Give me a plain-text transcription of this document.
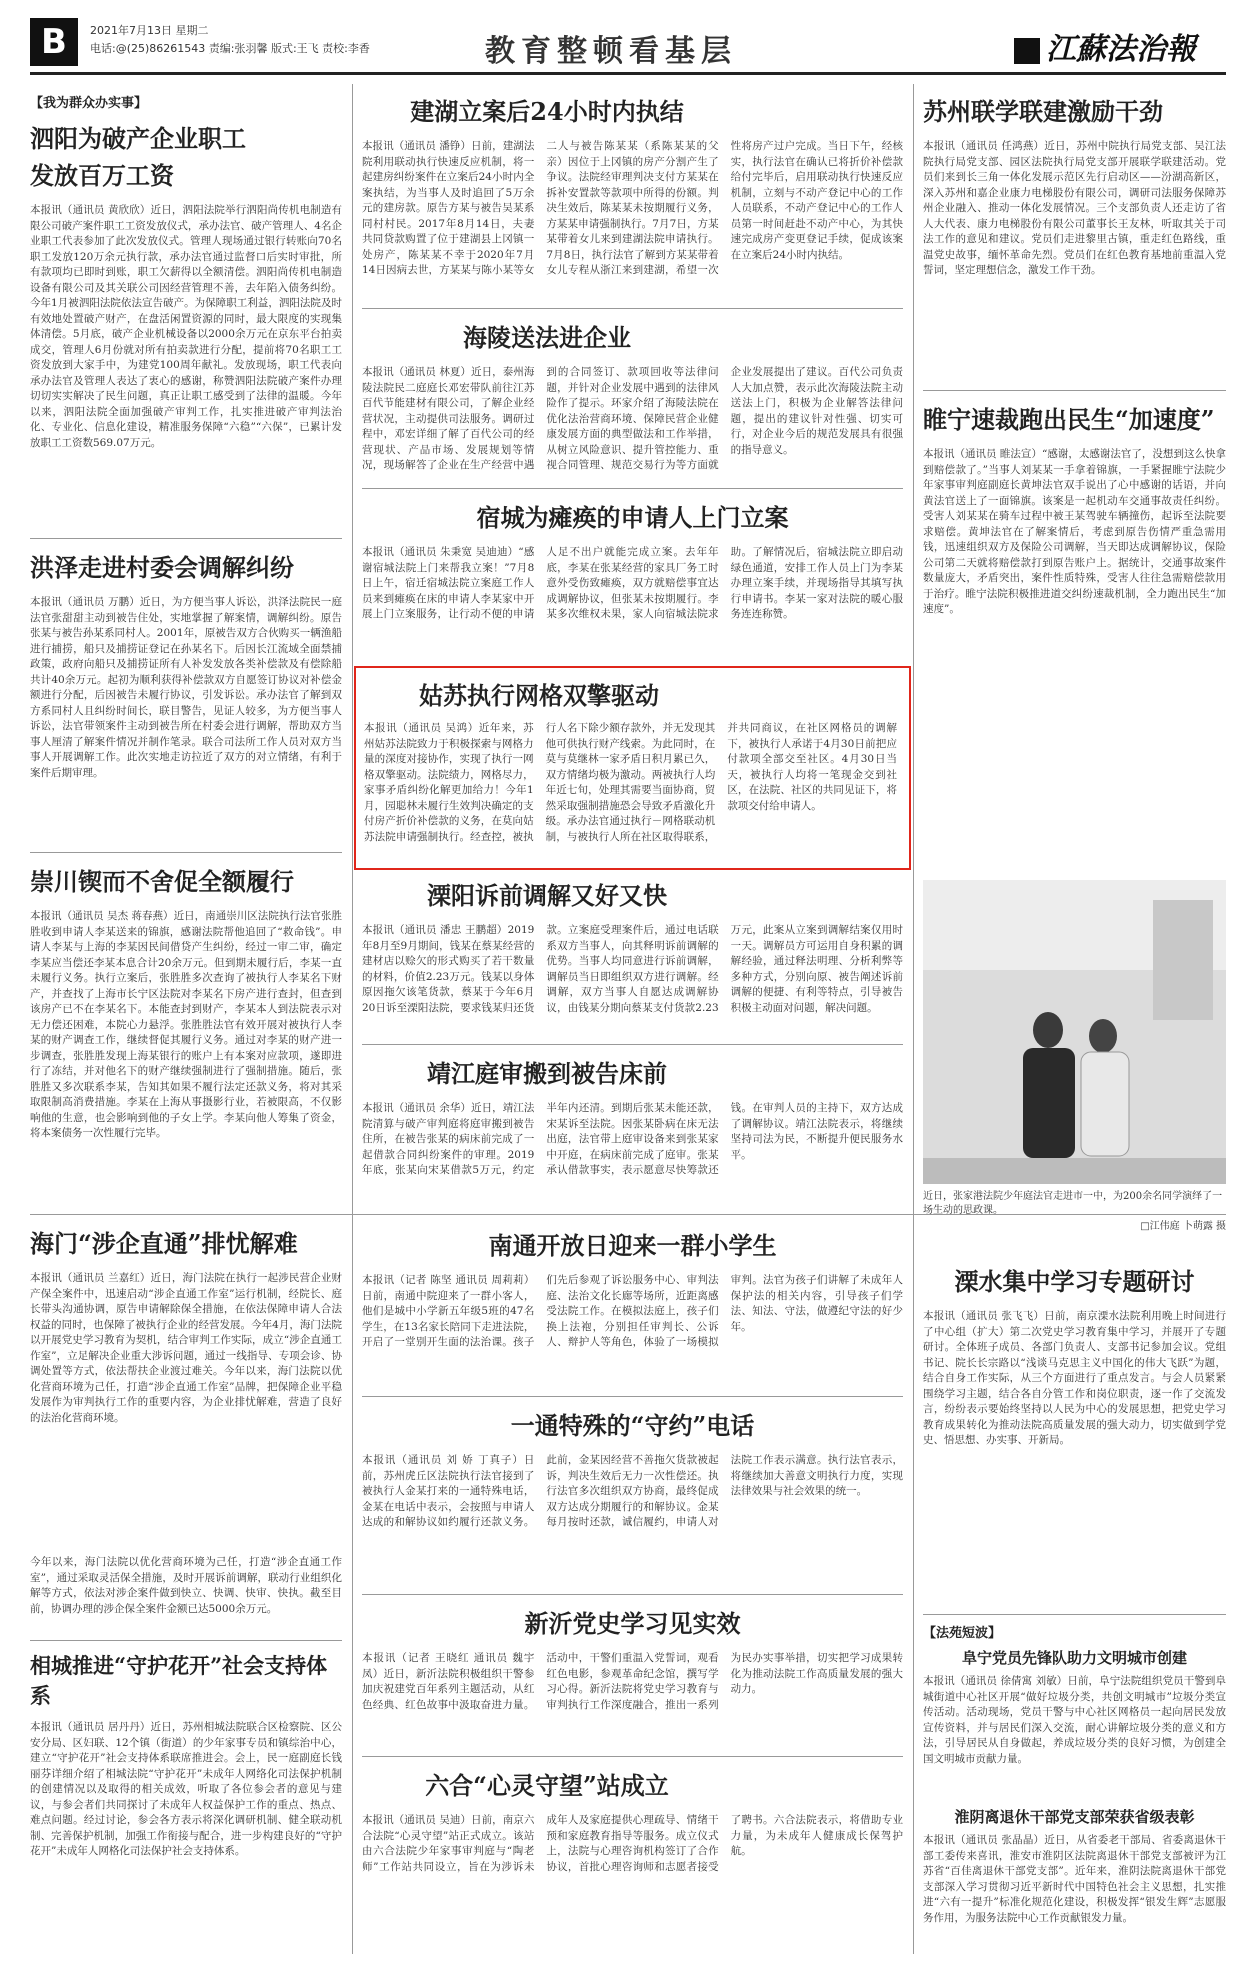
B	2021年7月13日 星期二
电话:@(25)86261543 责编:张羽馨 版式:王飞 责校:李香	教育整顿看基层	江蘇法治報
【我为群众办实事】
泗阳为破产企业职工
发放百万工资
本报讯（通讯员 黄欣欣）近日，泗阳法院举行泗阳尚传机电制造有限公司破产案件职工工资发放仪式，承办法官、破产管理人、4名企业职工代表参加了此次发放仪式。管理人现场通过银行转账向70名职工发放120万余元执行款，承办法官通过监督口后实时审批，所有款项均已即时到账，职工欠薪得以全额清偿。泗阳尚传机电制造设备有限公司及其关联公司因经营管理不善，去年陷入债务纠纷。今年1月被泗阳法院依法宣告破产。为保障职工利益，泗阳法院及时有效地处置破产财产，在盘活闲置资源的同时，最大限度的实现集体清偿。5月底，破产企业机械设备以2000余万元在京东平台拍卖成交，管理人6月份就对所有拍卖款进行分配，提前将70名职工工资发放到大家手中，为建党100周年献礼。发放现场，职工代表向承办法官及管理人表达了衷心的感谢，称赞泗阳法院破产案件办理切切实实解决了民生问题，真正让职工感受到了法律的温暖。今年以来，泗阳法院全面加强破产审判工作，扎实推进破产审判法治化、专业化、信息化建设，精准服务保障“六稳”“六保”，已累计发放职工工资数569.07万元。
洪泽走进村委会调解纠纷
本报讯（通讯员 万鹏）近日，为方便当事人诉讼，洪泽法院民一庭法官张甜甜主动到被告住处，实地掌握了解案情，调解纠纷。原告张某与被告孙某系同村人。2001年，原被告双方合伙购买一辆渔船进行捕捞，船只及捕捞证登记在孙某名下。后因长江流域全面禁捕政策，政府向船只及捕捞证所有人补发发放各类补偿款及有偿除船共计40余万元。起初为顺利获得补偿款双方自愿签订协议对补偿金额进行分配，后因被告未履行协议，引发诉讼。承办法官了解到双方系同村人且纠纷时间长，联目警告，见证人较多，为方便当事人诉讼，法官带领案件主动到被告所在村委会进行调解，帮助双方当事人厘清了解案件情况并制作笔录。联合司法所工作人员对双方当事人开展调解工作。此次实地走访拉近了双方的对立情绪，有利于案件后期审理。
崇川锲而不舍促全额履行
本报讯（通讯员 吴杰 蒋春燕）近日，南通崇川区法院执行法官张胜胜收到申请人李某送来的锦旗，感谢法院帮他追回了“救命钱”。申请人李某与上海的李某因民间借贷产生纠纷，经过一审二审，确定李某应当偿还李某本息合计20余万元。但到期未履行后，李某一直未履行义务。执行立案后，张胜胜多次查询了被执行人李某名下财产，并查找了上海市长宁区法院对李某名下房产进行查封，但查到该房产已不在李某名下。本能查封到财产，李某本人到法院表示对无力偿还困难，本院心力悬浮。张胜胜法官有效开展对被执行人李某的财产调查工作，继续督促其履行义务。通过对李某的财产进一步调查，张胜胜发现上海某银行的账户上有本案对应款项，遂即进行了冻结，并对他名下的财产继续强制进行了强制措施。随后，张胜胜又多次联系李某，告知其如果不履行法定还款义务，将对其采取限制高消费措施。李某在上海从事摄影行业，若被限高，不仅影响他的生意，也会影响到他的子女上学。李某向他人筹集了资金，将本案债务一次性履行完毕。
海门“涉企直通”排忧解难
本报讯（通讯员 兰嘉红）近日，海门法院在执行一起涉民营企业财产保全案件中，迅速启动“涉企直通工作室”运行机制，经院长、庭长带头沟通协调，原告申请解除保全措施，在依法保障申请人合法权益的同时，也保障了被执行企业的经营发展。今年4月，海门法院以开展党史学习教育为契机，结合审判工作实际，成立“涉企直通工作室”，立足解决企业重大涉诉问题，通过一线指导、专项会诊、协调处置等方式，依法帮扶企业渡过难关。今年以来，海门法院以优化营商环境为己任，打造“涉企直通工作室”品牌，把保障企业平稳发展作为审判执行工作的重要内容，为企业排忧解难，营造了良好的法治化营商环境。
今年以来，海门法院以优化营商环境为己任，打造“涉企直通工作室”，通过采取灵活保全措施，及时开展诉前调解，联动行业组织化解等方式，依法对涉企案件做到快立、快调、快审、快执。截至目前，协调办理的涉企保全案件金额已达5000余万元。
相城推进“守护花开”社会支持体系
本报讯（通讯员 居丹丹）近日，苏州相城法院联合区检察院、区公安分局、区妇联、12个镇（街道）的少年家事专员和镇综治中心，建立“守护花开”社会支持体系联席推进会。会上，民一庭副庭长钱丽芬详细介绍了相城法院“守护花开”未成年人网络化司法保护机制的创建情况以及取得的相关成效，听取了各位参会者的意见与建议，与参会者们共同探讨了未成年人权益保护工作的重点、热点、难点问题。经过讨论，参会各方表示将深化调研机制、健全联动机制、完善保护机制，加强工作衔接与配合，进一步构建良好的“守护花开”未成年人网格化司法保护社会支持体系。
建湖立案后24小时内执结
本报讯（通讯员 潘铮）日前，建湖法院利用联动执行快速反应机制，将一起建房纠纷案件在立案后24小时内全案执结，为当事人及时追回了5万余元的建房款。原告方某与被告吴某系同村村民。2017年8月14日，夫妻共同贷款购置了位于建湖县上冈镇一处房产，陈某某不幸于2020年7月14日因病去世，方某某与陈小某等女二人与被告陈某某（系陈某某的父亲）因位于上冈镇的房产分割产生了争议。法院经审理判决支付方某某在拆补安置款等款项中所得的份额。判决生效后，陈某某未按期履行义务，方某某申请强制执行。7月7日，方某某带着女儿来到建湖法院申请执行。7月8日，执行法官了解到方某某带着女儿专程从浙江来到建湖，希望一次性将房产过户完成。当日下午，经核实，执行法官在确认已将折价补偿款给付完毕后，启用联动执行快速反应机制，立刻与不动产登记中心的工作人员联系，不动产登记中心的工作人员第一时间赶赴不动产中心，为其快速完成房产变更登记手续，促成该案在立案后24小时内执结。
海陵送法进企业
本报讯（通讯员 林夏）近日，泰州海陵法院民二庭庭长邓宏带队前往江苏百代节能建材有限公司，了解企业经营状况，主动提供司法服务。调研过程中，邓宏详细了解了百代公司的经营现状、产品市场、发展规划等情况，现场解答了企业在生产经营中遇到的合同签订、款项回收等法律问题，并针对企业发展中遇到的法律风险作了提示。环家介绍了海陵法院在优化法治营商环境、保障民营企业健康发展方面的典型做法和工作举措，从树立风险意识、提升管控能力、重视合同管理、规范交易行为等方面就企业发展提出了建议。百代公司负责人大加点赞，表示此次海陵法院主动送法上门，积极为企业解答法律问题，提出的建议针对性强、切实可行，对企业今后的规范发展具有很强的指导意义。
宿城为瘫痪的申请人上门立案
本报讯（通讯员 朱秉宽 吴迪迪）“感谢宿城法院上门来帮我立案！”7月8日上午，宿迁宿城法院立案庭工作人员来到瘫痪在床的申请人李某家中开展上门立案服务，让行动不便的申请人足不出户就能完成立案。去年年底，李某在张某经营的家具厂务工时意外受伤致瘫痪，双方就赔偿事宜达成调解协议，但张某未按期履行。李某多次维权未果，家人向宿城法院求助。了解情况后，宿城法院立即启动绿色通道，安排工作人员上门为李某办理立案手续，并现场指导其填写执行申请书。李某一家对法院的暖心服务连连称赞。
姑苏执行网格双擎驱动
本报讯（通讯员 吴鸿）近年来，苏州姑苏法院致力于积极探索与网格力量的深度对接协作，实现了执行一网格双擎驱动。法院绩力，网格尽力，家事矛盾纠纷化解更加给力！今年1月，园聪林未履行生效判决确定的支付房产折价补偿款的义务，在莫向姑苏法院申请强制执行。经查控，被执行人名下除少额存款外，并无发现其他可供执行财产线索。为此同时，在莫与莫继林一家矛盾日积月累已久，双方情绪均极为激动。两被执行人均年近七旬，处理其需要当面协商，贸然采取强制措施恐会导致矛盾激化升级。承办法官通过执行－网格联动机制，与被执行人所在社区取得联系，并共同商议，在社区网格员的调解下，被执行人承诺于4月30日前把应付款项全部交至社区。4月30日当天，被执行人均将一笔现金交到社区，在法院、社区的共同见证下，将款项交付给申请人。
溧阳诉前调解又好又快
本报讯（通讯员 潘忠 王鹏超）2019年8月至9月期间，钱某在蔡某经营的建材店以赊欠的形式购买了若干数量的材料，价值2.23万元。钱某以身体原因拖欠该笔货款，蔡某于今年6月20日诉至溧阳法院，要求钱某归还货款。立案庭受理案件后，通过电话联系双方当事人，向其释明诉前调解的优势。当事人均同意进行诉前调解，调解员当日即组织双方进行调解。经调解，双方当事人自愿达成调解协议，由钱某分期向蔡某支付货款2.23万元，此案从立案到调解结案仅用时一天。调解员方可运用自身积累的调解经验，通过释法明理、分析利弊等多种方式，分别向原、被告阐述诉前调解的便捷、有利等特点，引导被告积极主动面对问题，解决问题。
靖江庭审搬到被告床前
本报讯（通讯员 余华）近日，靖江法院清算与破产审判庭将庭审搬到被告住所，在被告张某的病床前完成了一起借款合同纠纷案件的审理。2019年底，张某向宋某借款5万元，约定半年内还清。到期后张某未能还款，宋某诉至法院。因张某卧病在床无法出庭，法官带上庭审设备来到张某家中开庭，在病床前完成了庭审。张某承认借款事实，表示愿意尽快筹款还钱。在审判人员的主持下，双方达成了调解协议。靖江法院表示，将继续坚持司法为民，不断提升便民服务水平。
南通开放日迎来一群小学生
本报讯（记者 陈坚 通讯员 周莉莉）日前，南通中院迎来了一群小客人，他们是城中小学新五年级5班的47名学生，在13名家长陪同下走进法院，开启了一堂别开生面的法治课。孩子们先后参观了诉讼服务中心、审判法庭、法治文化长廊等场所，近距离感受法院工作。在模拟法庭上，孩子们换上法袍，分别担任审判长、公诉人、辩护人等角色，体验了一场模拟审判。法官为孩子们讲解了未成年人保护法的相关内容，引导孩子们学法、知法、守法，做遵纪守法的好少年。
一通特殊的“守约”电话
本报讯（通讯员 刘 娇 丁真子）日前，苏州虎丘区法院执行法官接到了被执行人金某打来的一通特殊电话，金某在电话中表示，会按照与申请人达成的和解协议如约履行还款义务。此前，金某因经营不善拖欠货款被起诉，判决生效后无力一次性偿还。执行法官多次组织双方协商，最终促成双方达成分期履行的和解协议。金某每月按时还款，诚信履约，申请人对法院工作表示满意。执行法官表示，将继续加大善意文明执行力度，实现法律效果与社会效果的统一。
新沂党史学习见实效
本报讯（记者 王晓红 通讯员 魏宇凤）近日，新沂法院积极组织干警参加庆祝建党百年系列主题活动，从红色经典、红色故事中汲取奋进力量。活动中，干警们重温入党誓词，观看红色电影，参观革命纪念馆，撰写学习心得。新沂法院将党史学习教育与审判执行工作深度融合，推出一系列为民办实事举措，切实把学习成果转化为推动法院工作高质量发展的强大动力。
六合“心灵守望”站成立
本报讯（通讯员 吴迪）日前，南京六合法院“心灵守望”站正式成立。该站由六合法院少年家事审判庭与“陶老师”工作站共同设立，旨在为涉诉未成年人及家庭提供心理疏导、情绪干预和家庭教育指导等服务。成立仪式上，法院与心理咨询机构签订了合作协议，首批心理咨询师和志愿者接受了聘书。六合法院表示，将借助专业力量，为未成年人健康成长保驾护航。
苏州联学联建激励干劲
本报讯（通讯员 任鸿燕）近日，苏州中院执行局党支部、吴江法院执行局党支部、园区法院执行局党支部开展联学联建活动。党员们来到长三角一体化发展示范区先行启动区——汾湖高新区，深入苏州和嘉企业康力电梯股份有限公司，调研司法服务保障苏州企业融入、推动一体化发展情况。三个支部负责人还走访了省人大代表、康力电梯股份有限公司董事长王友林，听取其关于司法工作的意见和建议。党员们走进黎里古镇，重走红色路线，重温党史故事，缅怀革命先烈。党员们在红色教育基地前重温入党誓词，坚定理想信念，激发工作干劲。
睢宁速裁跑出民生“加速度”
本报讯（通讯员 睢法宣）“感谢，太感谢法官了，没想到这么快拿到赔偿款了。”当事人刘某某一手拿着锦旗，一手紧握睢宁法院少年家事审判庭副庭长黄坤法官双手说出了心中感谢的话语，并向黄法官送上了一面锦旗。该案是一起机动车交通事故责任纠纷。受害人刘某某在骑车过程中被王某驾驶车辆撞伤，起诉至法院要求赔偿。黄坤法官在了解案情后，考虑到原告伤情严重急需用钱，迅速组织双方及保险公司调解，当天即达成调解协议，保险公司第二天就将赔偿款打到原告账户上。据统计，交通事故案件数量庞大，矛盾突出，案件性质特殊，受害人往往急需赔偿款用于治疗。睢宁法院积极推进道交纠纷速裁机制，全力跑出民生“加速度”。
近日，张家港法院少年庭法官走进市一中，为200余名同学演绎了一场生动的思政课。
□江伟庭 卜萌露 摄
溧水集中学习专题研讨
本报讯（通讯员 张飞飞）日前，南京溧水法院利用晚上时间进行了中心组（扩大）第二次党史学习教育集中学习，并展开了专题研讨。全体班子成员、各部门负责人、支部书记参加会议。党组书记、院长长宗路以“浅谈马克思主义中国化的伟大飞跃”为题，结合自身工作实际，从三个方面进行了重点发言。与会人员紧紧围绕学习主题，结合各自分管工作和岗位职责，逐一作了交流发言，纷纷表示要始终坚持以人民为中心的发展思想，把党史学习教育成果转化为推动法院高质量发展的强大动力，切实做到学党史、悟思想、办实事、开新局。
【法苑短波】
阜宁党员先锋队助力文明城市创建
本报讯（通讯员 徐倩寓 刘敏）日前，阜宁法院组织党员干警到阜城街道中心社区开展“做好垃圾分类，共创文明城市”垃圾分类宣传活动。活动现场，党员干警与中心社区网格员一起向居民发放宣传资料，并与居民们深入交流，耐心讲解垃圾分类的意义和方法，引导居民从自身做起，养成垃圾分类的良好习惯，为创建全国文明城市贡献力量。
淮阴离退休干部党支部荣获省级表彰
本报讯（通讯员 张晶晶）近日，从省委老干部局、省委离退休干部工委传来喜讯，淮安市淮阴区法院离退休干部党支部被评为江苏省“百佳离退休干部党支部”。近年来，淮阴法院离退休干部党支部深入学习贯彻习近平新时代中国特色社会主义思想，扎实推进“六有一提升”标准化规范化建设，积极发挥“银发生辉”志愿服务作用，为服务法院中心工作贡献银发力量。
